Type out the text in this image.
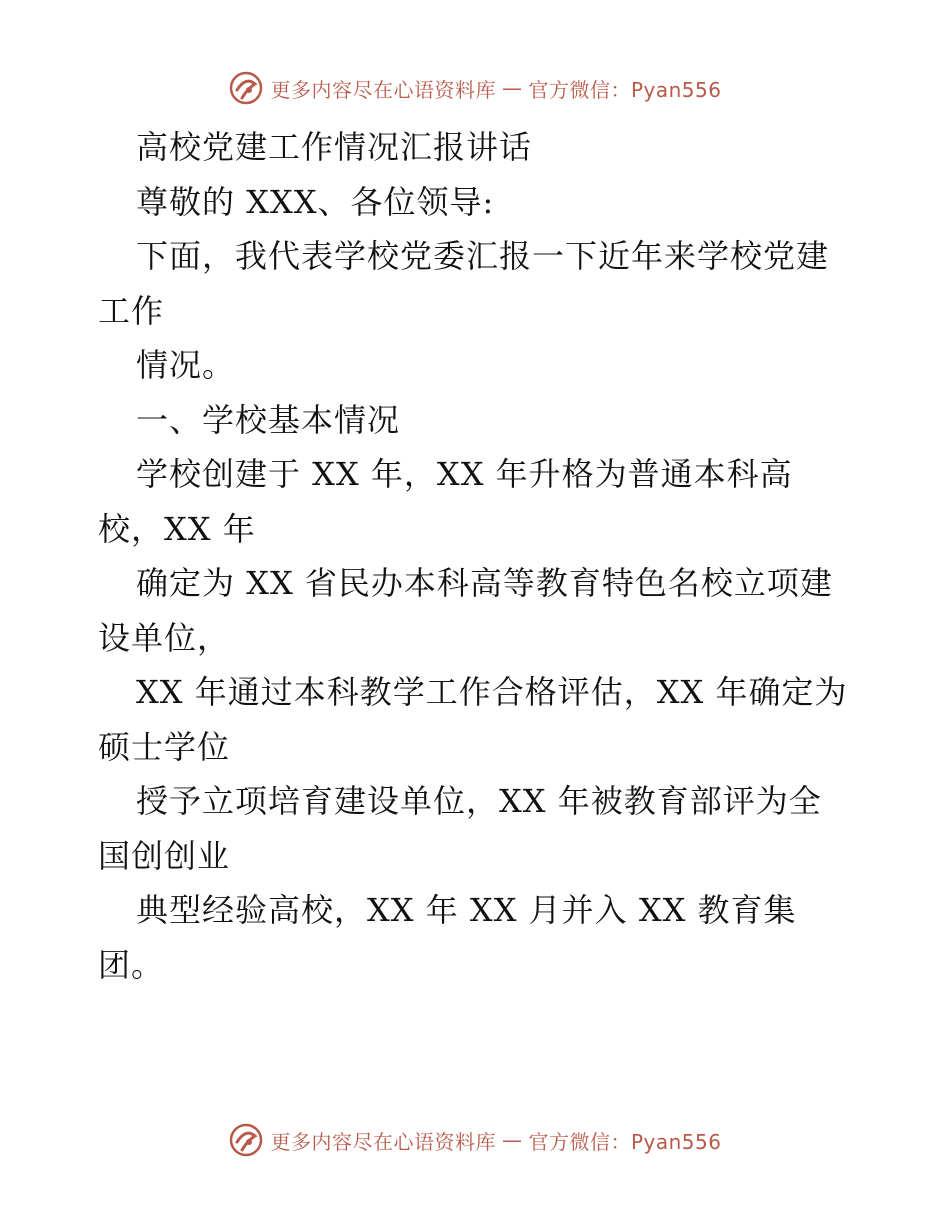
更多内容尽在心语资料库 — 官方微信：Pyan556
高校党建工作情况汇报讲话
尊敬的 XXX、各位领导:
下面，我代表学校党委汇报一下近年来学校党建
工作
情况。
一、学校基本情况
学校创建于 XX 年，XX 年升格为普通本科高
校，XX 年
确定为 XX 省民办本科高等教育特色名校立项建
设单位，
XX 年通过本科教学工作合格评估，XX 年确定为
硕士学位
授予立项培育建设单位，XX 年被教育部评为全
国创创业
典型经验高校，XX 年 XX 月并入 XX 教育集
团。
更多内容尽在心语资料库 — 官方微信：Pyan556
